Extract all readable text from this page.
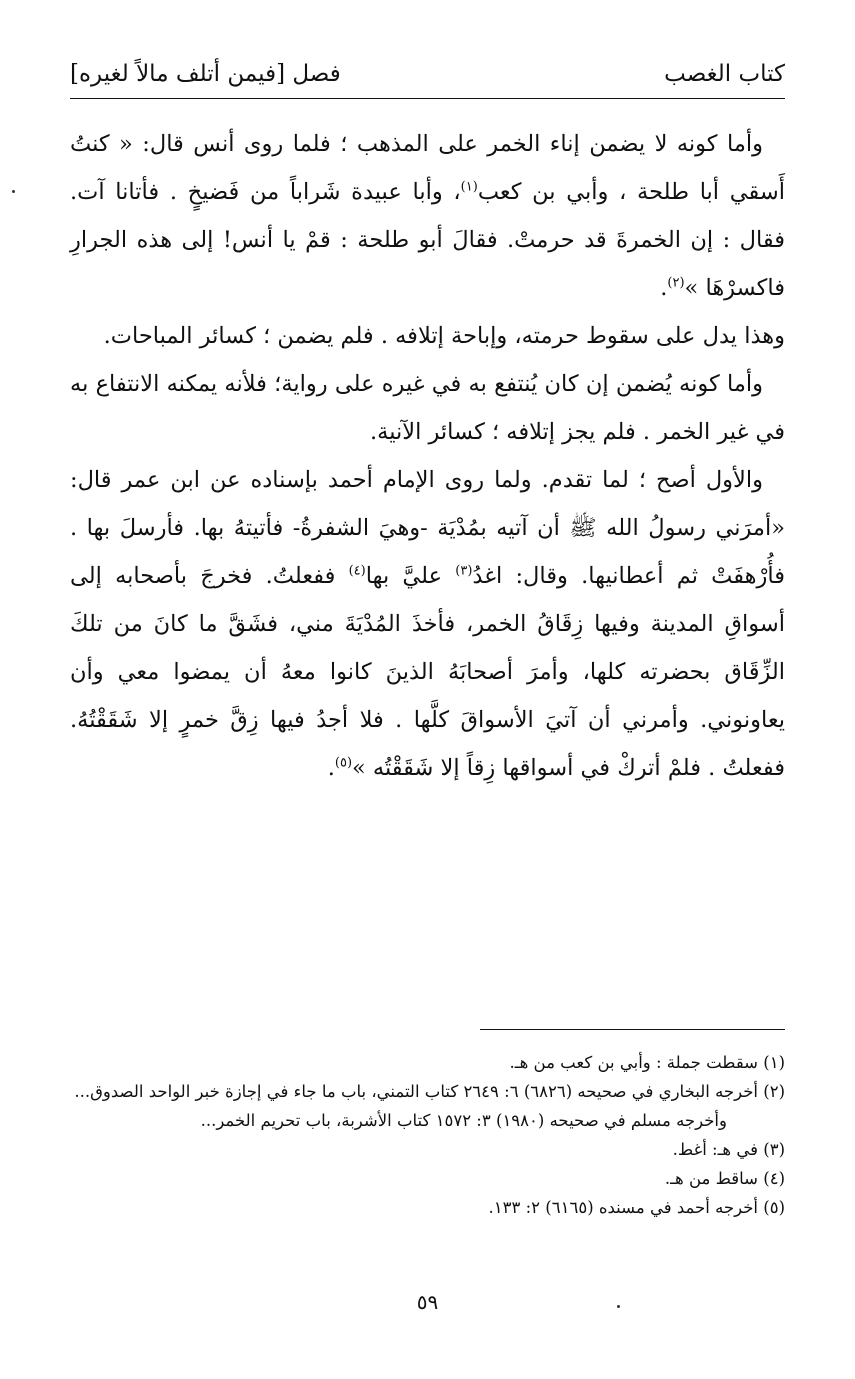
كتاب الغصب
فصل [فيمن أتلف مالاً لغيره]

وأما كونه لا يضمن إناء الخمر على المذهب ؛ فلما روى أنس قال: « كنتُ أَسقي أبا طلحة ، وأبي بن كعب$^{(١)}$، وأبا عبيدة شَراباً من فَضيخٍ . فأتانا آت. فقال : إن الخمرةَ قد حرمتْ. فقالَ أبو طلحة : قمْ يا أنس! إلى هذه الجرارِ فاكسرْهَا »$^{(٢)}$.

وهذا يدل على سقوط حرمته، وإباحة إتلافه . فلم يضمن ؛ كسائر المباحات.

وأما كونه يُضمن إن كان يُنتفع به في غيره على رواية؛ فلأنه يمكنه الانتفاع به في غير الخمر . فلم يجز إتلافه ؛ كسائر الآنية.

والأول أصح ؛ لما تقدم. ولما روى الإمام أحمد بإسناده عن ابن عمر قال: «أمرَني رسولُ الله ﷺ أن آتيه بمُدْيَة -وهيَ الشفرةُ- فأتيتهُ بها. فأرسلَ بها . فأُرْهفَتْ ثم أعطانيها. وقال: اغدُ$^{(٣)}$ عليَّ بها$^{(٤)}$ ففعلتُ. فخرجَ بأصحابه إلى أسواقِ المدينة وفيها زِقَاقُ الخمر، فأخذَ المُدْيَةَ مني، فشَقَّ ما كانَ من تلكَ الزِّقَاق بحضرته كلها، وأمرَ أصحابَهُ الذينَ كانوا معهُ أن يمضوا معي وأن يعاونوني. وأمرني أن آتيَ الأسواقَ كلَّها . فلا أجدُ فيها زِقَّ خمرٍ إلا شَقَقْتُهُ. ففعلتُ . فلمْ أتركْ في أسواقها زِقاً إلا شَقَقْتُه »$^{(٥)}$.

(١) سقطت جملة : وأبي بن كعب من هـ.

(٢) أخرجه البخاري في صحيحه (٦٨٢٦) ٦: ٢٦٤٩ كتاب التمني، باب ما جاء في إجازة خبر الواحد الصدوق...

وأخرجه مسلم في صحيحه (١٩٨٠) ٣: ١٥٧٢ كتاب الأشربة، باب تحريم الخمر...

(٣) في هـ: أغط.

(٤) ساقط من هـ.

(٥) أخرجه أحمد في مسنده (٦١٦٥) ٢: ١٣٣.

٥٩
